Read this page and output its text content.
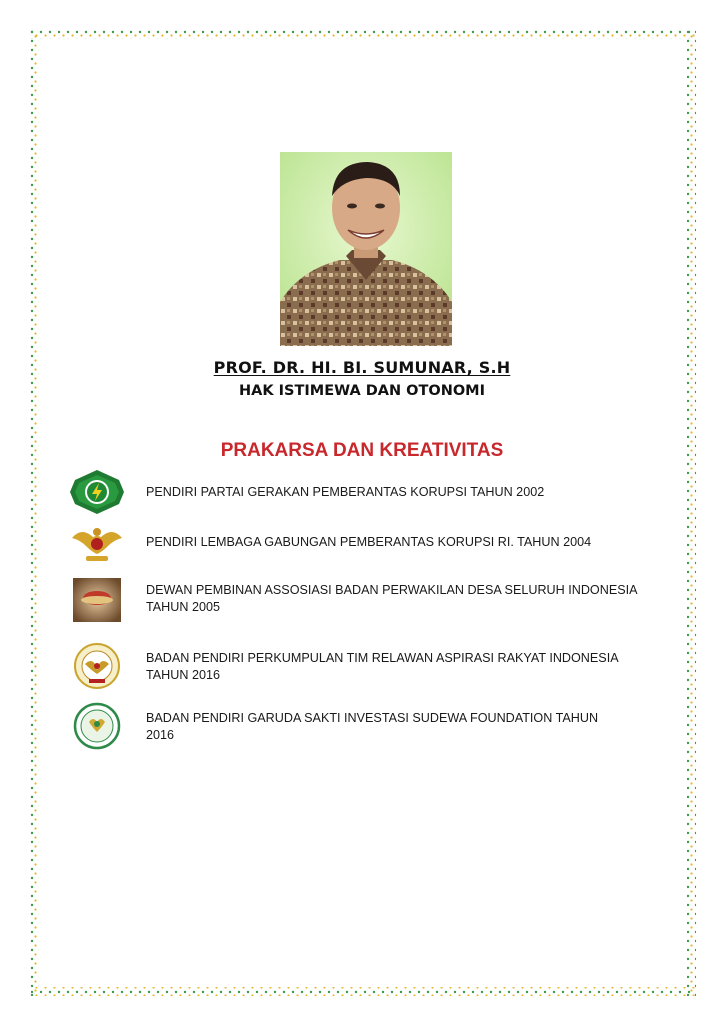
PROF. DR. HI. BI. SUMUNAR, S.H
HAK ISTIMEWA DAN OTONOMI
PRAKARSA DAN KREATIVITAS
PENDIRI PARTAI GERAKAN PEMBERANTAS KORUPSI TAHUN 2002
PENDIRI LEMBAGA GABUNGAN PEMBERANTAS KORUPSI RI. TAHUN 2004
DEWAN PEMBINAN ASSOSIASI BADAN PERWAKILAN DESA SELURUH INDONESIA
TAHUN 2005
BADAN PENDIRI PERKUMPULAN TIM RELAWAN ASPIRASI RAKYAT INDONESIA
TAHUN 2016
BADAN PENDIRI GARUDA SAKTI INVESTASI SUDEWA FOUNDATION TAHUN
2016
